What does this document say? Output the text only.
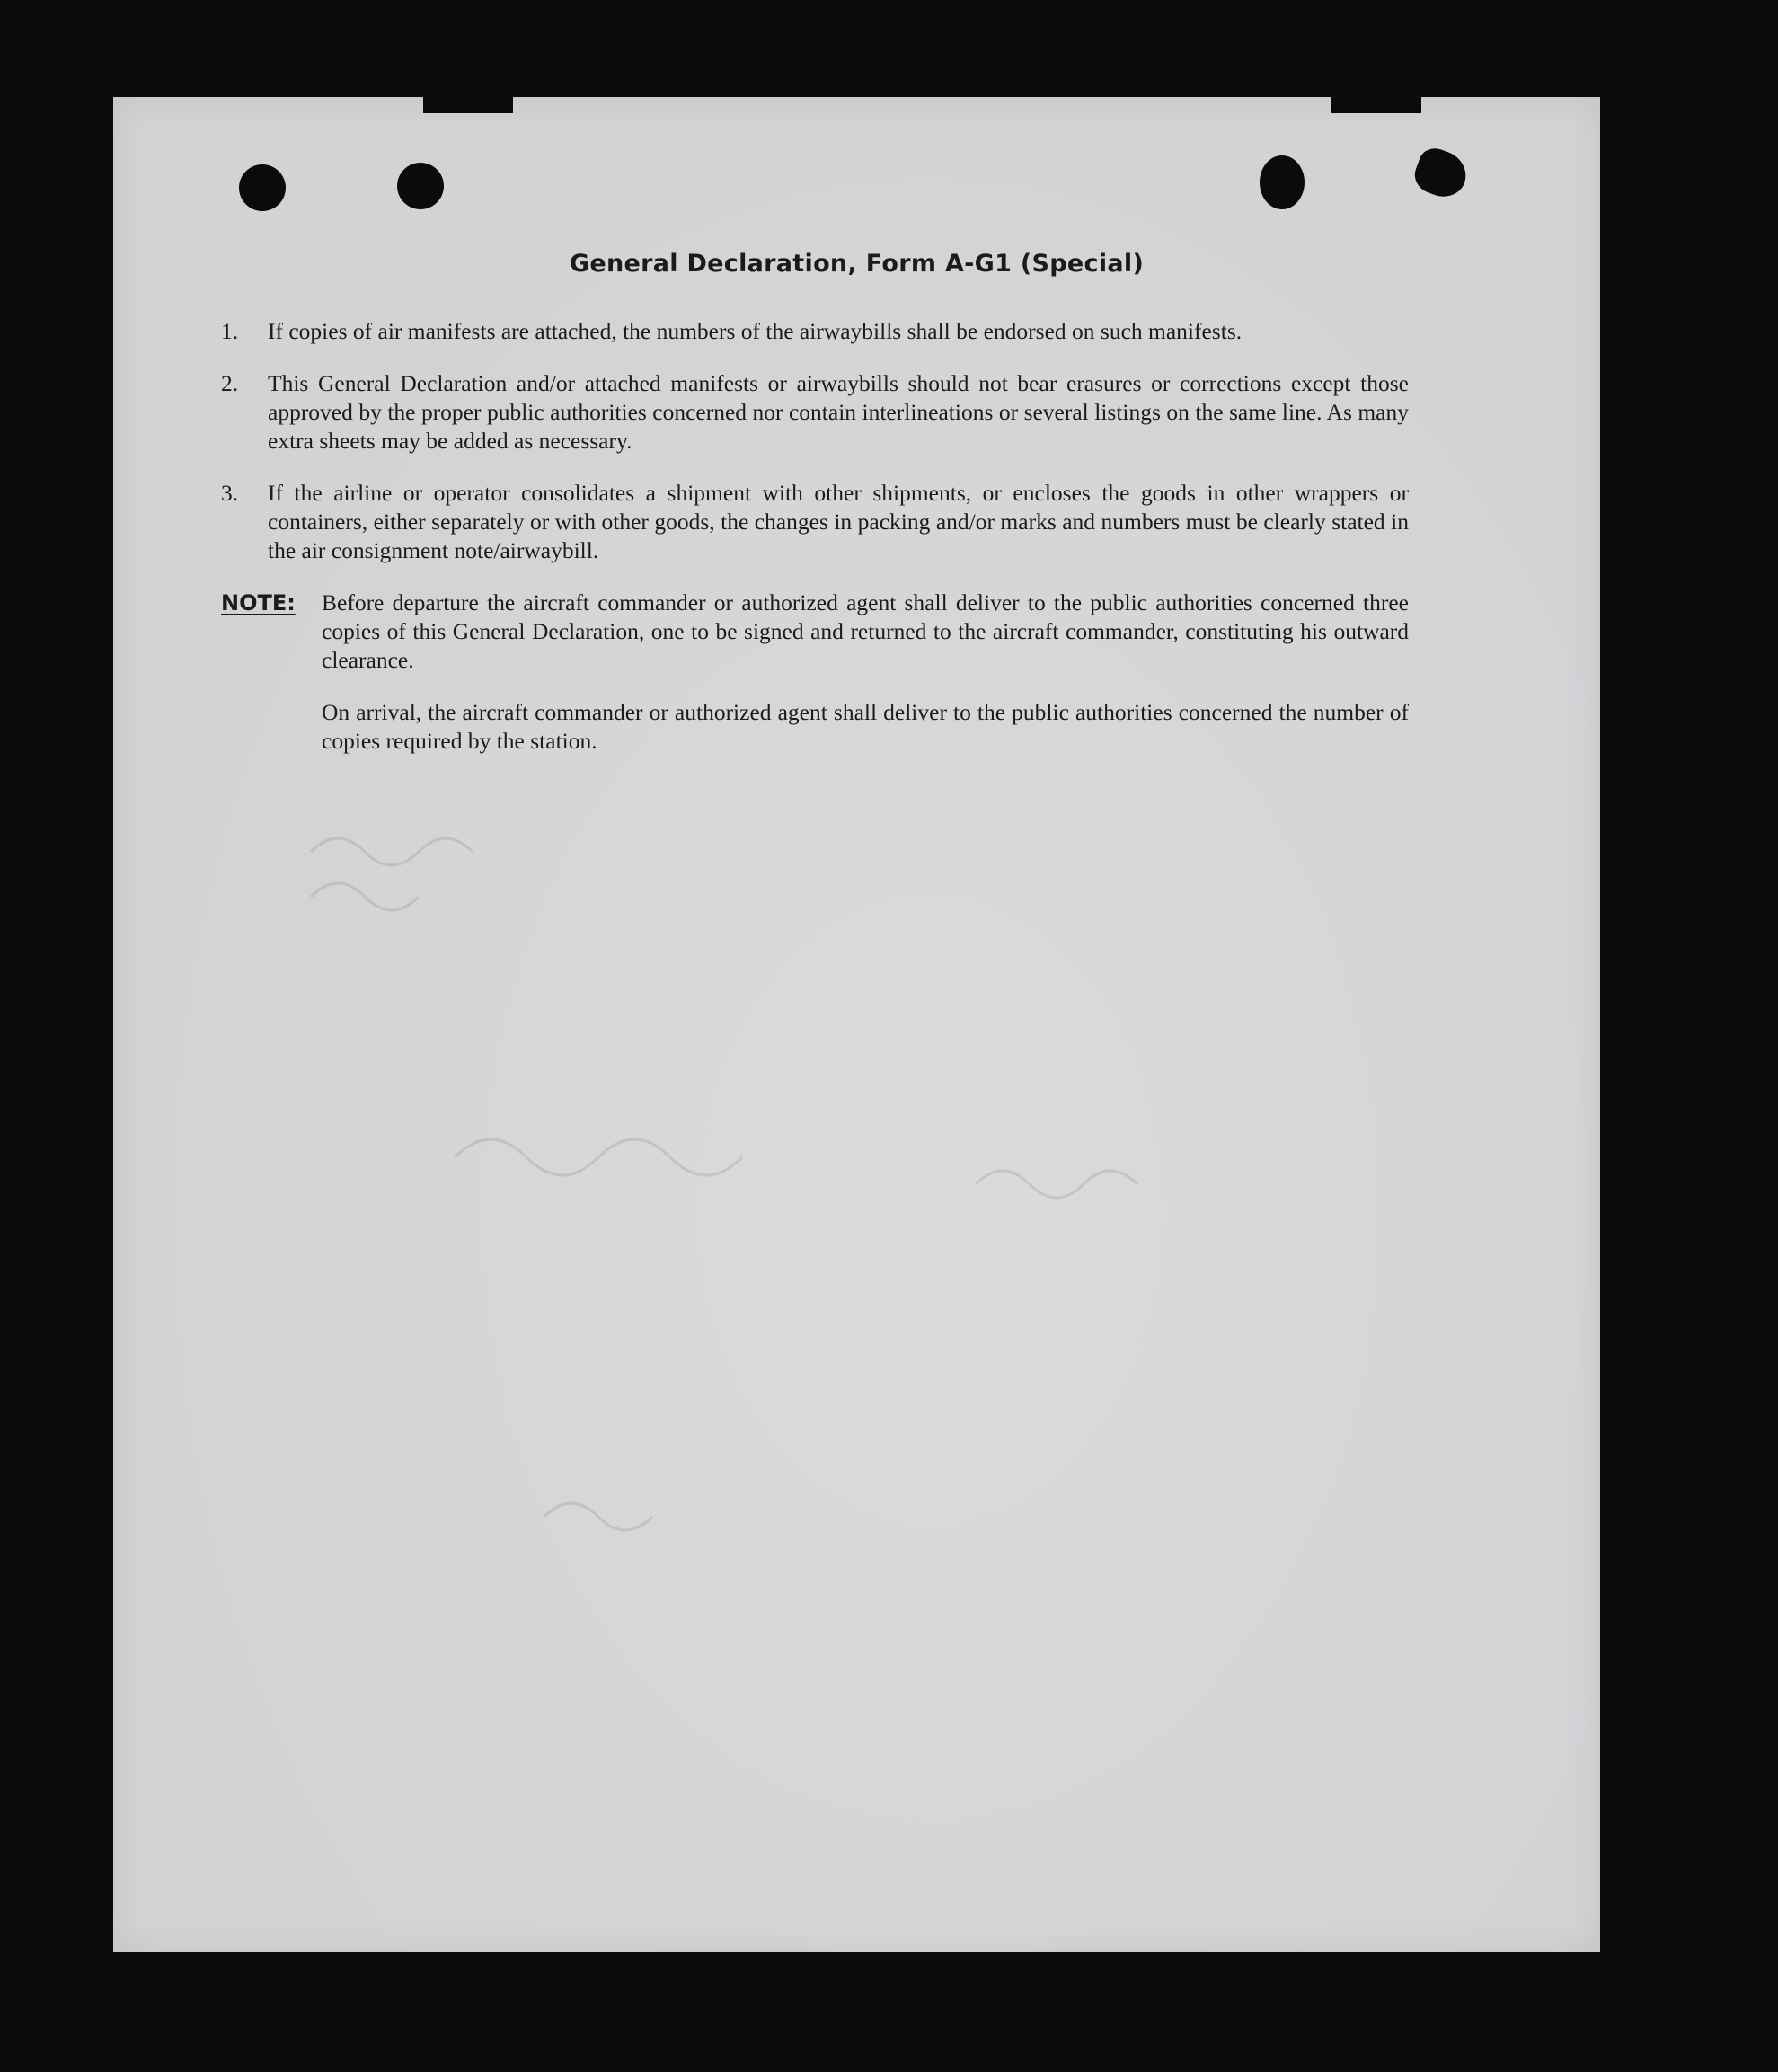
General Declaration, Form A-G1 (Special)
1.	If copies of air manifests are attached, the numbers of the airwaybills shall be endorsed on such manifests.
2.	This General Declaration and/or attached manifests or airwaybills should not bear erasures or corrections except those approved by the proper public authorities concerned nor contain interlineations or several listings on the same line. As many extra sheets may be added as necessary.
3.	If the airline or operator consolidates a shipment with other shipments, or encloses the goods in other wrappers or containers, either separately or with other goods, the changes in packing and/or marks and numbers must be clearly stated in the air consignment note/airwaybill.
NOTE: Before departure the aircraft commander or authorized agent shall deliver to the public authorities concerned three copies of this General Declaration, one to be signed and returned to the aircraft commander, constituting his outward clearance.
On arrival, the aircraft commander or authorized agent shall deliver to the public authorities concerned the number of copies required by the station.
